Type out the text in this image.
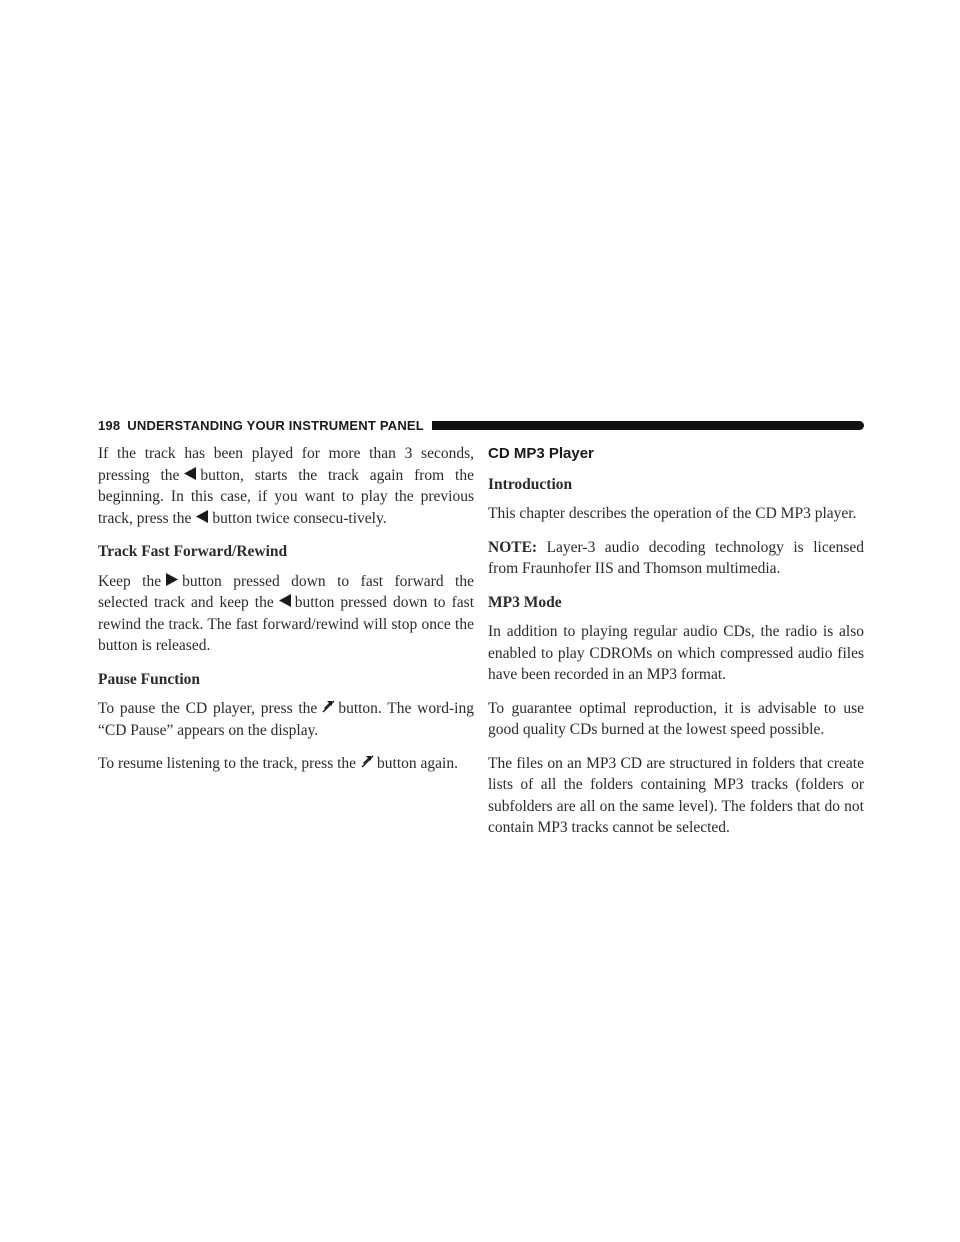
198 UNDERSTANDING YOUR INSTRUMENT PANEL

If the track has been played for more than 3 seconds, pressing the button, starts the track again from the beginning. In this case, if you want to play the previous track, press the button twice consecu-tively.

Track Fast Forward/Rewind

Keep the button pressed down to fast forward the selected track and keep the button pressed down to fast rewind the track. The fast forward/rewind will stop once the button is released.

Pause Function

To pause the CD player, press the button. The word-ing “CD Pause” appears on the display.

To resume listening to the track, press the button again.

CD MP3 Player

Introduction

This chapter describes the operation of the CD MP3 player.

NOTE: Layer-3 audio decoding technology is licensed from Fraunhofer IIS and Thomson multimedia.

MP3 Mode

In addition to playing regular audio CDs, the radio is also enabled to play CDROMs on which compressed audio files have been recorded in an MP3 format.

To guarantee optimal reproduction, it is advisable to use good quality CDs burned at the lowest speed possible.

The files on an MP3 CD are structured in folders that create lists of all the folders containing MP3 tracks (folders or subfolders are all on the same level). The folders that do not contain MP3 tracks cannot be selected.
